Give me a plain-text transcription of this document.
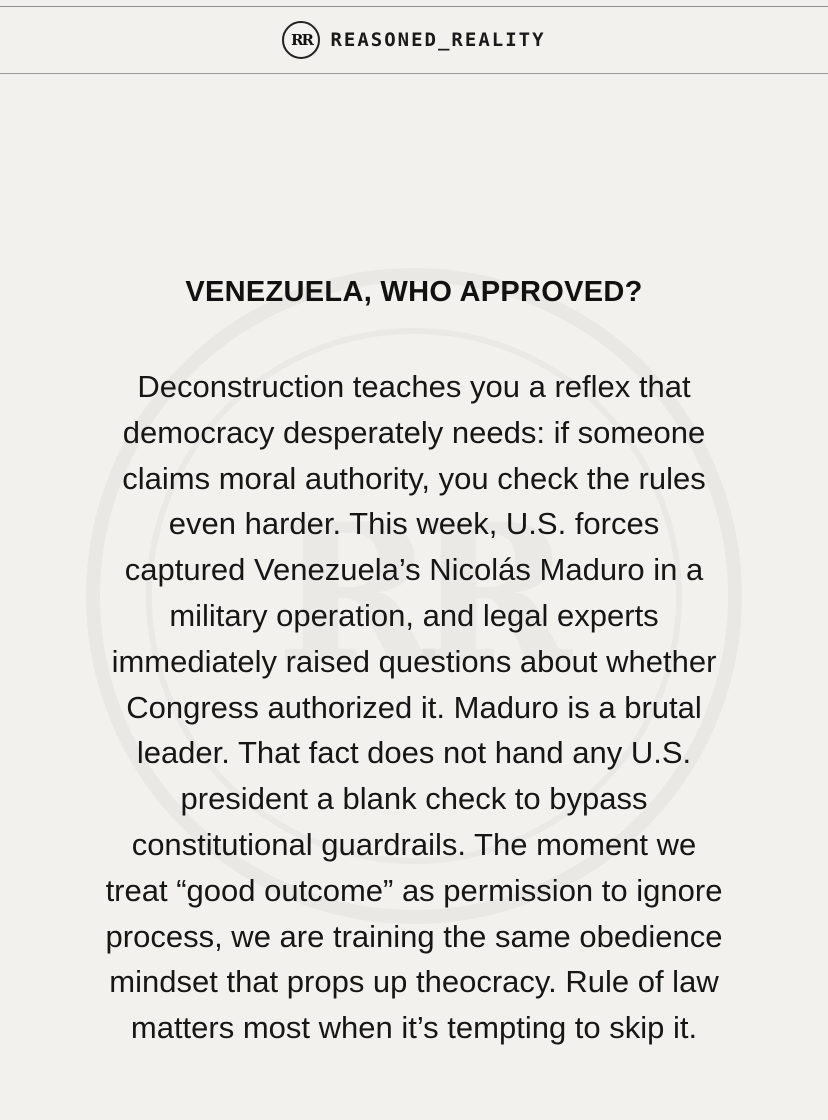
RR REASONED_REALITY
VENEZUELA, WHO APPROVED?
Deconstruction teaches you a reflex that
democracy desperately needs: if someone
claims moral authority, you check the rules
even harder. This week, U.S. forces
captured Venezuela’s Nicolás Maduro in a
military operation, and legal experts
immediately raised questions about whether
Congress authorized it. Maduro is a brutal
leader. That fact does not hand any U.S.
president a blank check to bypass
constitutional guardrails. The moment we
treat “good outcome” as permission to ignore
process, we are training the same obedience
mindset that props up theocracy. Rule of law
matters most when it’s tempting to skip it.
